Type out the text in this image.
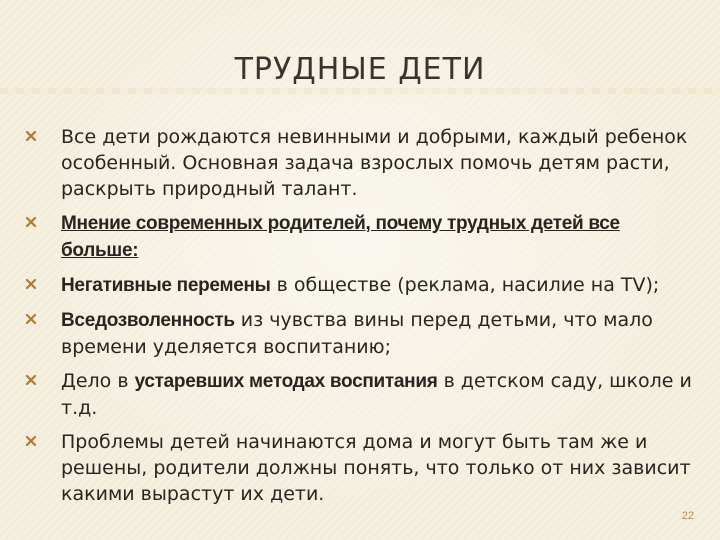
ТРУДНЫЕ ДЕТИ
Все дети рождаются невинными и добрыми, каждый ребенок особенный. Основная задача взрослых помочь детям расти, раскрыть природный талант.
Мнение современных родителей, почему трудных детей все больше:
Негативные перемены в обществе (реклама, насилие на TV);
Вседозволенность из чувства вины перед детьми, что мало времени уделяется воспитанию;
Дело в устаревших методах воспитания в детском саду, школе и т.д.
Проблемы детей начинаются дома и могут быть там же и решены, родители должны понять, что только от них зависит какими вырастут их дети.
22
